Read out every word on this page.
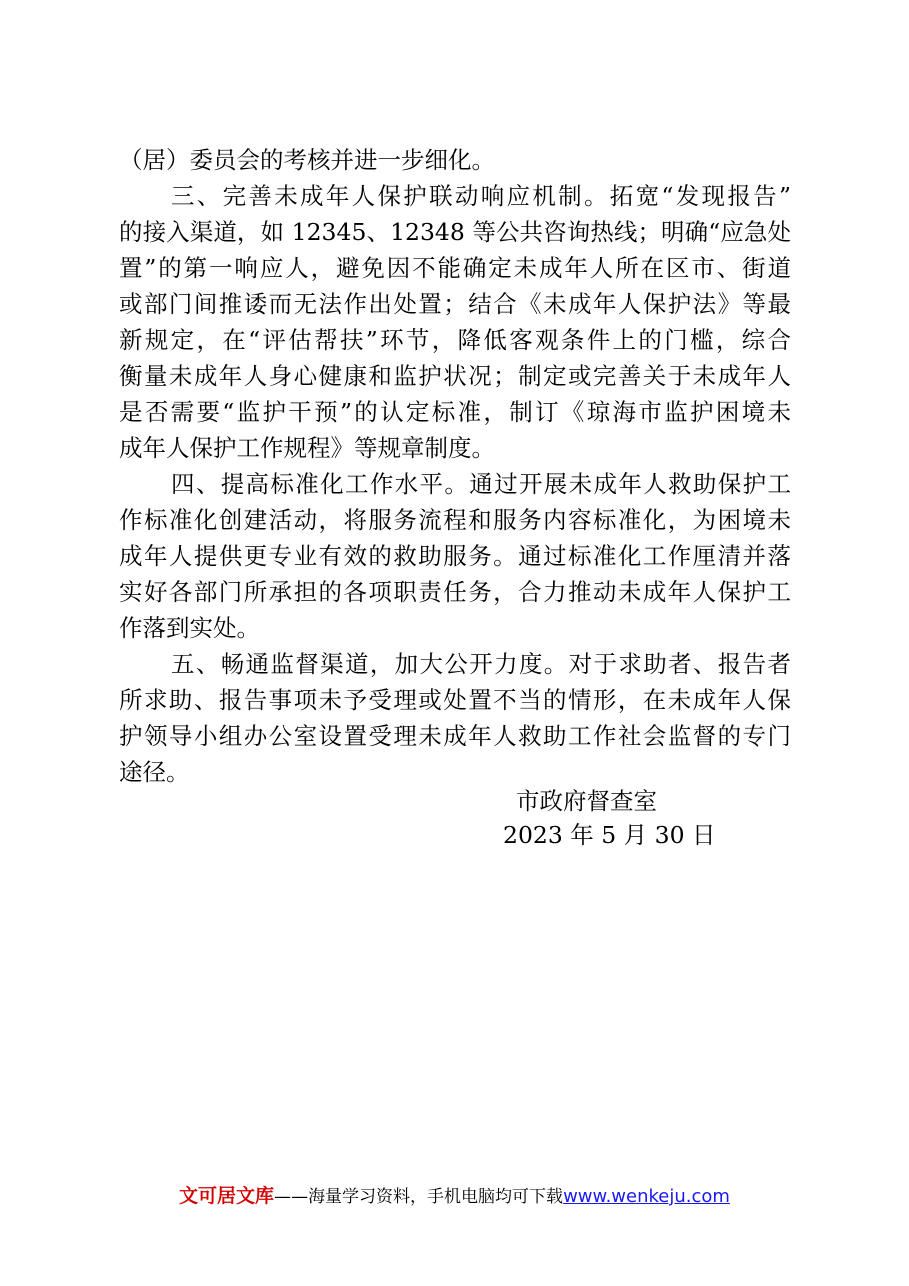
（居）委员会的考核并进一步细化。
三、完善未成年人保护联动响应机制。拓宽“发现报告”
的接入渠道，如 12345、12348 等公共咨询热线；明确“应急处
置”的第一响应人，避免因不能确定未成年人所在区市、街道
或部门间推诿而无法作出处置；结合《未成年人保护法》等最
新规定，在“评估帮扶”环节，降低客观条件上的门槛，综合
衡量未成年人身心健康和监护状况；制定或完善关于未成年人
是否需要“监护干预”的认定标准，制订《琼海市监护困境未
成年人保护工作规程》等规章制度。
四、提高标准化工作水平。通过开展未成年人救助保护工
作标准化创建活动，将服务流程和服务内容标准化，为困境未
成年人提供更专业有效的救助服务。通过标准化工作厘清并落
实好各部门所承担的各项职责任务，合力推动未成年人保护工
作落到实处。
五、畅通监督渠道，加大公开力度。对于求助者、报告者
所求助、报告事项未予受理或处置不当的情形，在未成年人保
护领导小组办公室设置受理未成年人救助工作社会监督的专门
途径。
市政府督查室
2023 年 5 月 30 日
文可居文库——海量学习资料，手机电脑均可下载www.wenkeju.com
